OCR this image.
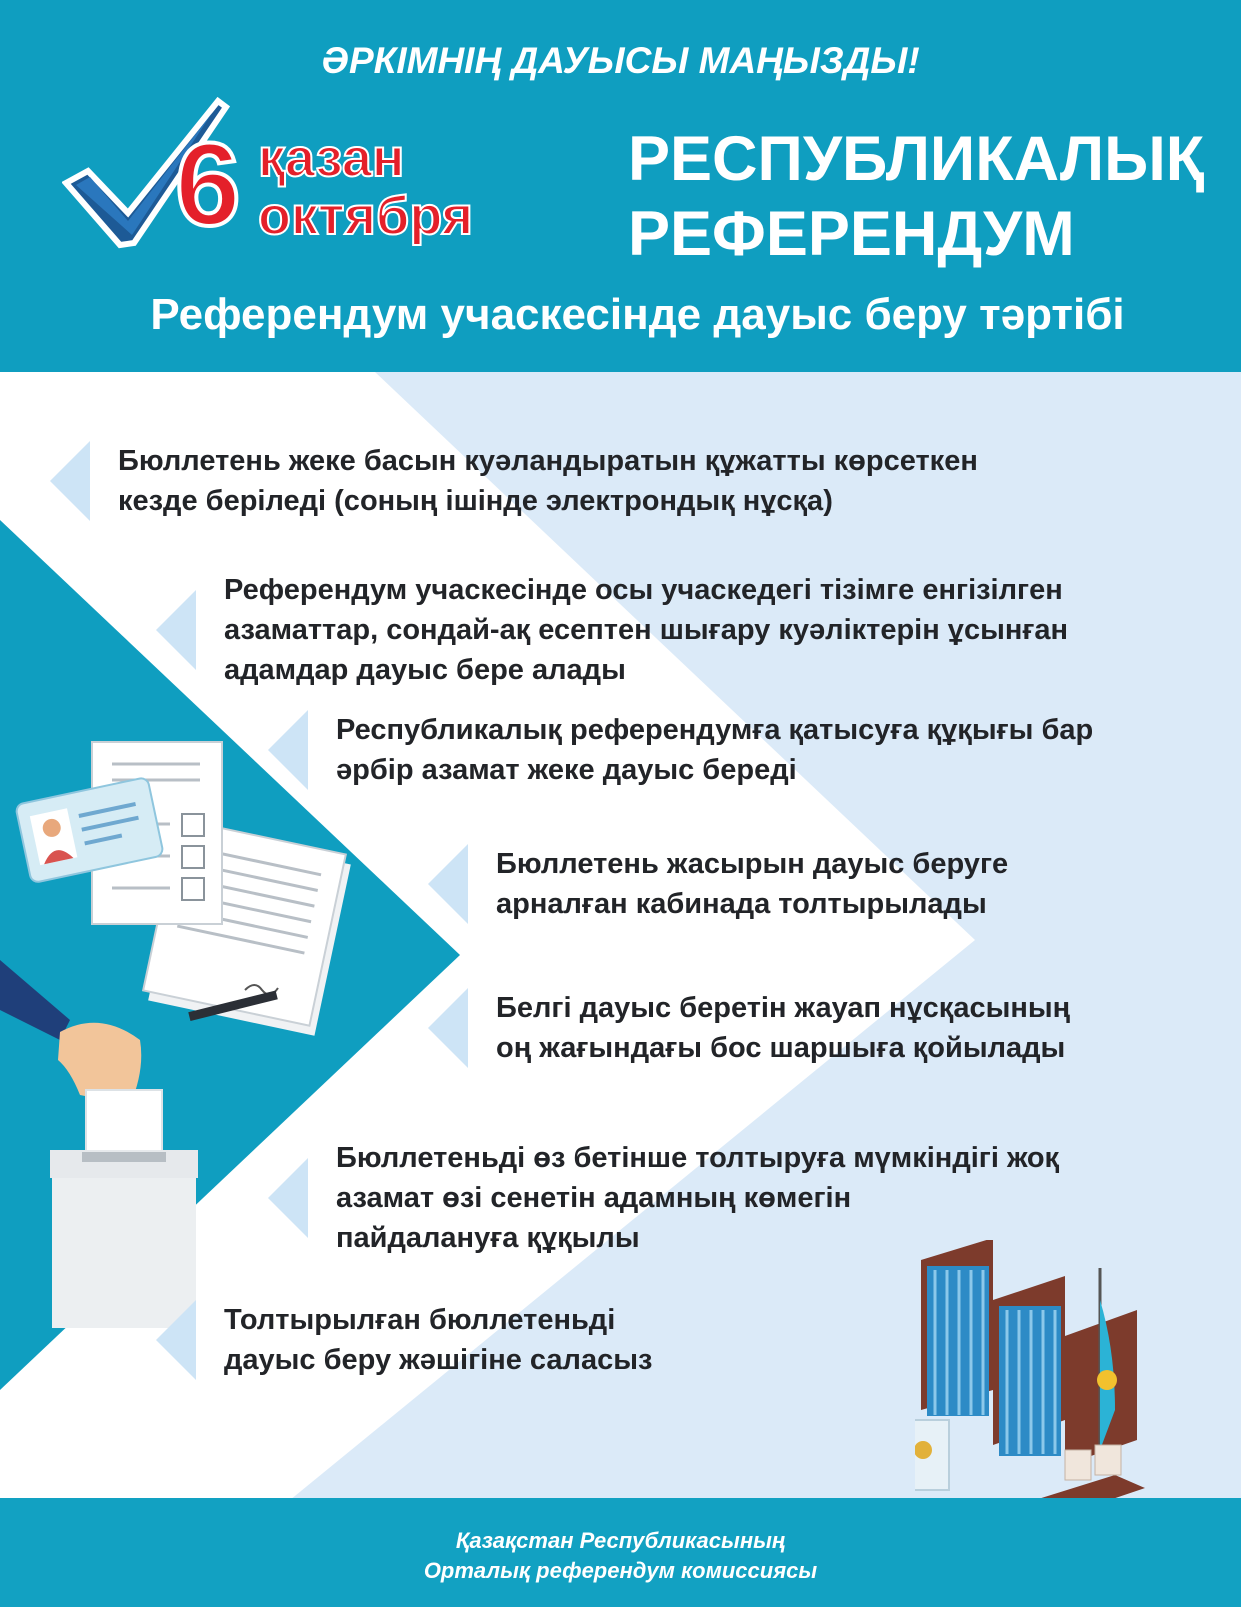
ӘРКІМНІҢ ДАУЫСЫ МАҢЫЗДЫ!
6 қазан
октября
РЕСПУБЛИКАЛЫҚ
РЕФЕРЕНДУМ
Референдум учаскесінде дауыс беру тәртібі
Бюллетень жеке басын куәландыратын құжатты көрсеткен
кезде беріледі (соның ішінде электрондық нұсқа)
Референдум учаскесінде осы учаскедегі тізімге енгізілген
азаматтар, сондай-ақ есептен шығару куәліктерін ұсынған
адамдар дауыс бере алады
Республикалық референдумға қатысуға құқығы бар
әрбір азамат жеке дауыс береді
Бюллетень жасырын дауыс беруге
арналған кабинада толтырылады
Белгі дауыс беретін жауап нұсқасының
оң жағындағы бос шаршыға қойылады
Бюллетеньді өз бетінше толтыруға мүмкіндігі жоқ
азамат өзі сенетін адамның көмегін
пайдалануға құқылы
Толтырылған бюллетеньді
дауыс беру жәшігіне саласыз
Қазақстан Республикасының
Орталық референдум комиссиясы
